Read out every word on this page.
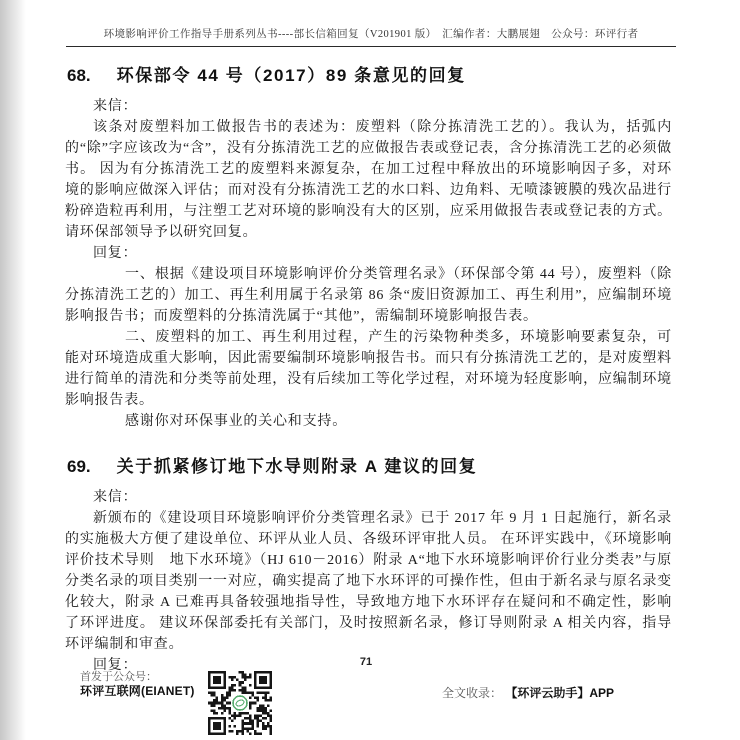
环境影响评价工作指导手册系列丛书----部长信箱回复（V201901 版）　汇编作者：大鹏展翅　公众号：环评行者
68. 环保部令 44 号（2017）89 条意见的回复

来信：

该条对废塑料加工做报告书的表述为：废塑料（除分拣清洗工艺的）。我认为，括弧内的“除”字应该改为“含”，没有分拣清洗工艺的应做报告表或登记表，含分拣清洗工艺的必须做书。 因为有分拣清洗工艺的废塑料来源复杂，在加工过程中释放出的环境影响因子多，对环境的影响应做深入评估；而对没有分拣清洗工艺的水口料、边角料、无喷漆镀膜的残次品进行粉碎造粒再利用，与注塑工艺对环境的影响没有大的区别，应采用做报告表或登记表的方式。 请环保部领导予以研究回复。

回复：

一、根据《建设项目环境影响评价分类管理名录》（环保部令第 44 号），废塑料（除分拣清洗工艺的）加工、再生利用属于名录第 86 条“废旧资源加工、再生利用”，应编制环境影响报告书；而废塑料的分拣清洗属于“其他”，需编制环境影响报告表。

二、废塑料的加工、再生利用过程，产生的污染物种类多，环境影响要素复杂，可能对环境造成重大影响，因此需要编制环境影响报告书。而只有分拣清洗工艺的，是对废塑料进行简单的清洗和分类等前处理，没有后续加工等化学过程，对环境为轻度影响，应编制环境影响报告表。

感谢你对环保事业的关心和支持。

69. 关于抓紧修订地下水导则附录 A 建议的回复

来信：

新颁布的《建设项目环境影响评价分类管理名录》已于 2017 年 9 月 1 日起施行，新名录的实施极大方便了建设单位、环评从业人员、各级环评审批人员。 在环评实践中，《环境影响评价技术导则　地下水环境》（HJ 610－2016）附录 A“地下水环境影响评价行业分类表”与原分类名录的项目类别一一对应，确实提高了地下水环评的可操作性，但由于新名录与原名录变化较大，附录 A 已难再具备较强地指导性，导致地方地下水环评存在疑问和不确定性，影响了环评进度。 建议环保部委托有关部门，及时按照新名录，修订导则附录 A 相关内容，指导环评编制和审查。

回复：	71
首发于公众号：
环评互联网(EIANET)	全文收录： 【环评云助手】APP
